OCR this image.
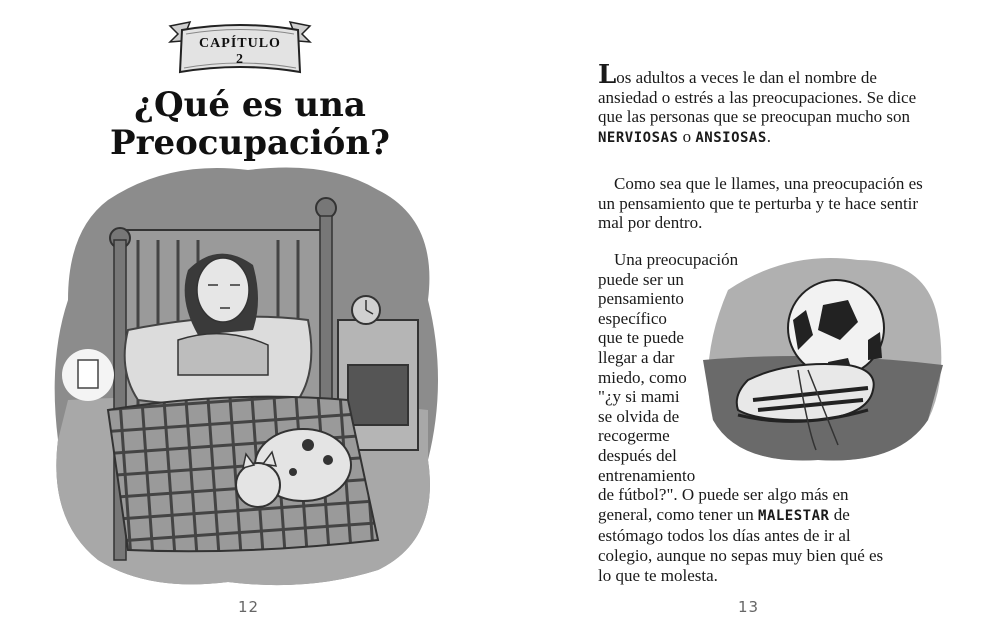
CAPÍTULO
2
¿Qué es una
Preocupación?
12
Los adultos a veces le dan el nombre de ansiedad o estrés a las preocupaciones. Se dice que las personas que se preocupan mucho son NERVIOSAS o ANSIOSAS.
Como sea que le llames, una preocupación es un pensamiento que te perturba y te hace sentir mal por dentro.
Una preocupación
puede ser un
pensamiento
específico
que te puede
llegar a dar
miedo, como
"¿y si mami
se olvida de
recogerme
después del
entrenamiento
de fútbol?". O puede ser algo más en
general, como tener un MALESTAR de
estómago todos los días antes de ir al
colegio, aunque no sepas muy bien qué es
lo que te molesta.
13
